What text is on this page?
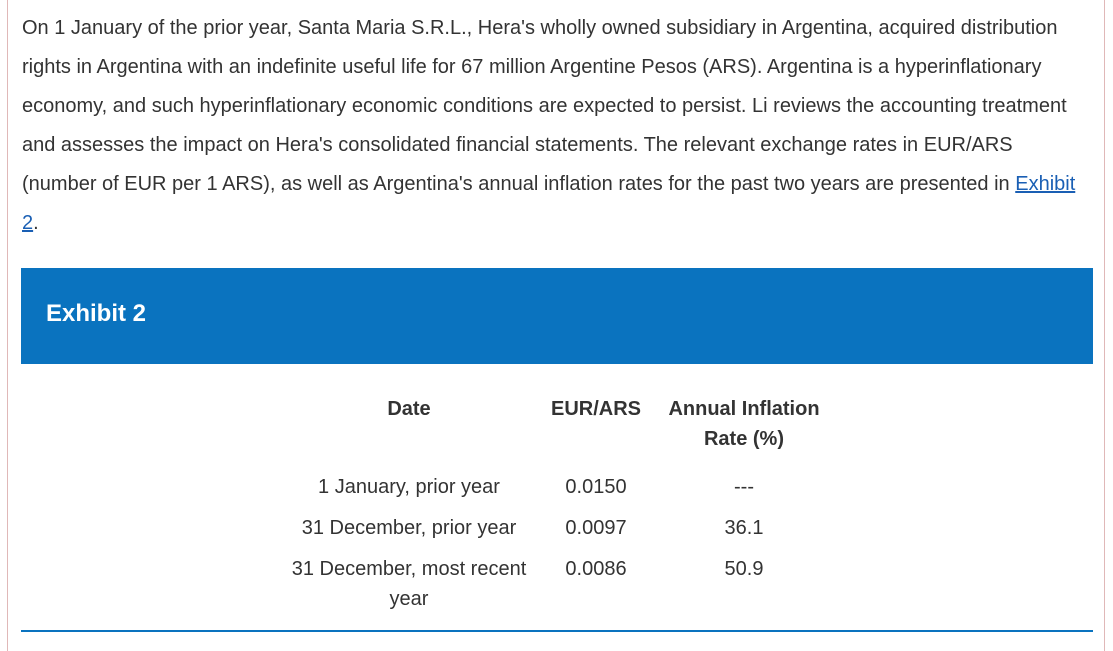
On 1 January of the prior year, Santa Maria S.R.L., Hera's wholly owned subsidiary in Argentina, acquired distribution rights in Argentina with an indefinite useful life for 67 million Argentine Pesos (ARS). Argentina is a hyperinflationary economy, and such hyperinflationary economic conditions are expected to persist. Li reviews the accounting treatment and assesses the impact on Hera's consolidated financial statements. The relevant exchange rates in EUR/ARS (number of EUR per 1 ARS), as well as Argentina's annual inflation rates for the past two years are presented in Exhibit 2.

Exhibit 2
Date	EUR/ARS	Annual Inflation Rate (%)
1 January, prior year	0.0150	---
31 December, prior year	0.0097	36.1
31 December, most recent year	0.0086	50.9
